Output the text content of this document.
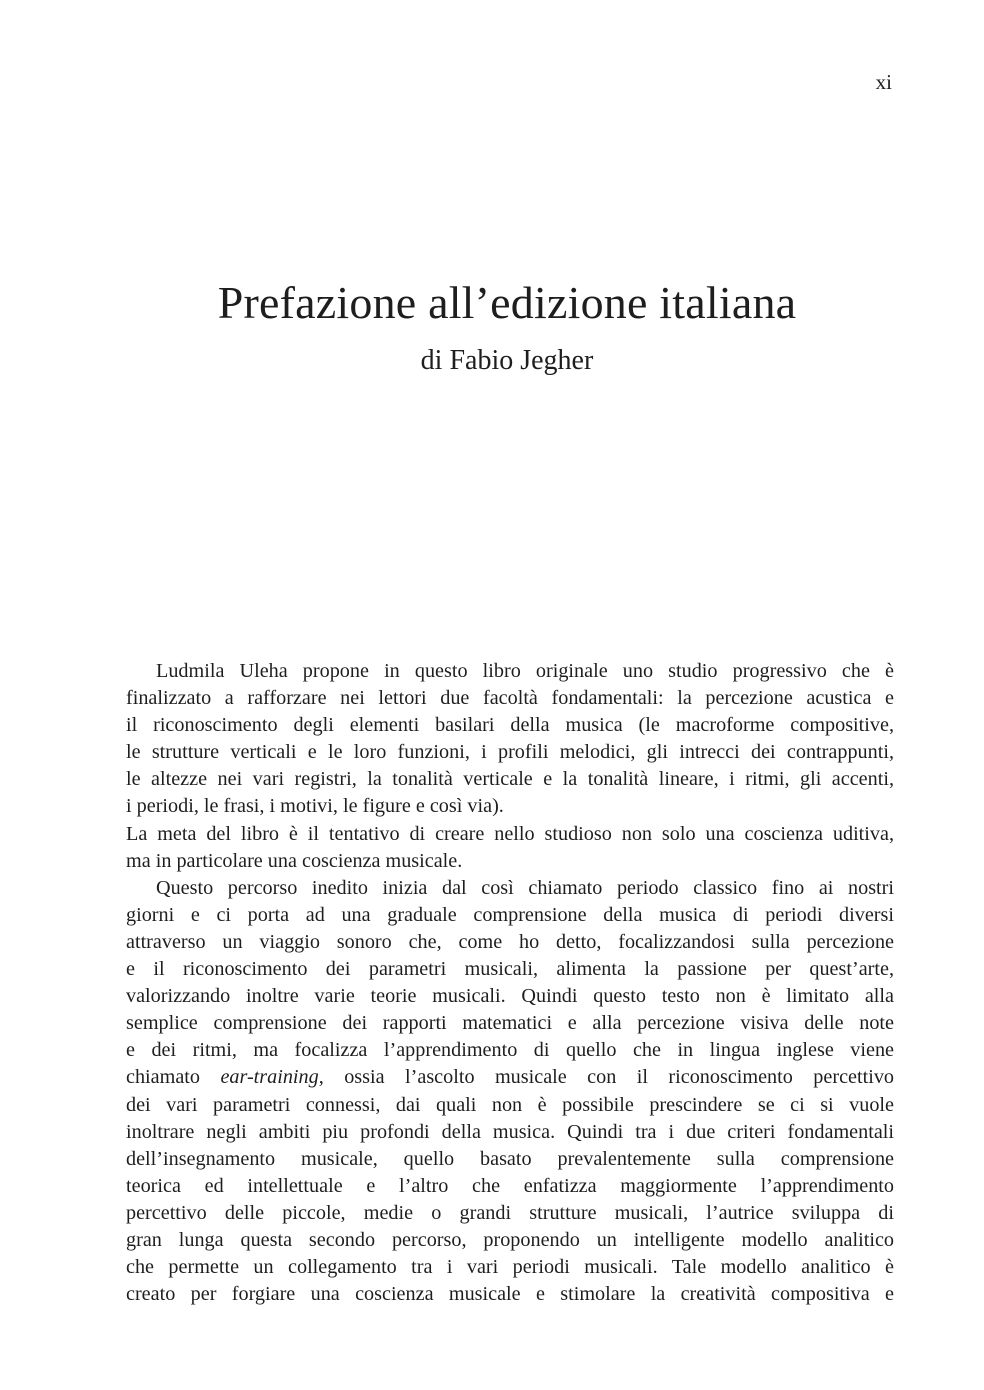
xi
Prefazione all’edizione italiana
di Fabio Jegher
Ludmila Uleha propone in questo libro originale uno studio progressivo che è
finalizzato a rafforzare nei lettori due facoltà fondamentali: la percezione acustica e
il riconoscimento degli elementi basilari della musica (le macroforme compositive,
le strutture verticali e le loro funzioni, i profili melodici, gli intrecci dei contrappunti,
le altezze nei vari registri, la tonalità verticale e la tonalità lineare, i ritmi, gli accenti,
i periodi, le frasi, i motivi, le figure e così via).
La meta del libro è il tentativo di creare nello studioso non solo una coscienza uditiva,
ma in particolare una coscienza musicale.
Questo percorso inedito inizia dal così chiamato periodo classico fino ai nostri
giorni e ci porta ad una graduale comprensione della musica di periodi diversi
attraverso un viaggio sonoro che, come ho detto, focalizzandosi sulla percezione
e il riconoscimento dei parametri musicali, alimenta la passione per quest’arte,
valorizzando inoltre varie teorie musicali. Quindi questo testo non è limitato alla
semplice comprensione dei rapporti matematici e alla percezione visiva delle note
e dei ritmi, ma focalizza l’apprendimento di quello che in lingua inglese viene
chiamato ear-training, ossia l’ascolto musicale con il riconoscimento percettivo
dei vari parametri connessi, dai quali non è possibile prescindere se ci si vuole
inoltrare negli ambiti piu profondi della musica. Quindi tra i due criteri fondamentali
dell’insegnamento musicale, quello basato prevalentemente sulla comprensione
teorica ed intellettuale e l’altro che enfatizza maggiormente l’apprendimento
percettivo delle piccole, medie o grandi strutture musicali, l’autrice sviluppa di
gran lunga questa secondo percorso, proponendo un intelligente modello analitico
che permette un collegamento tra i vari periodi musicali. Tale modello analitico è
creato per forgiare una coscienza musicale e stimolare la creatività compositiva e
